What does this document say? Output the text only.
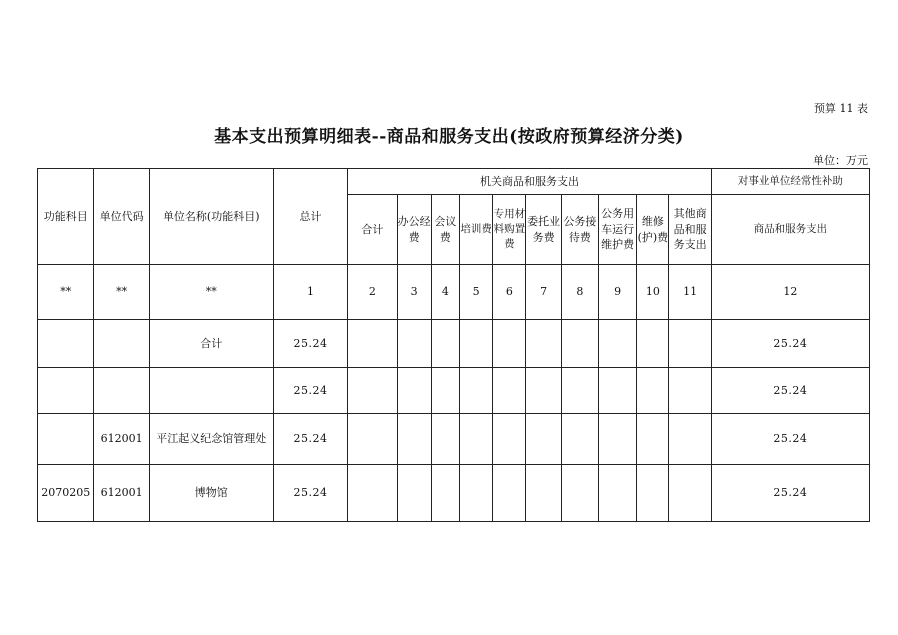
预算 11 表
基本支出预算明细表--商品和服务支出(按政府预算经济分类)
单位：万元
功能科目	单位代码	单位名称(功能科目)	总计	机关商品和服务支出										对事业单位经常性补助
				合计	办公经费	会议费	培训费	专用材料购置费	委托业务费	公务接待费	公务用车运行维护费	维修(护)费	其他商品和服务支出	商品和服务支出
**	**	**	1	2	3	4	5	6	7	8	9	10	11	12
		合计	25.24											25.24
			25.24											25.24
	612001	平江起义纪念馆管理处	25.24											25.24
2070205	612001	博物馆	25.24											25.24
